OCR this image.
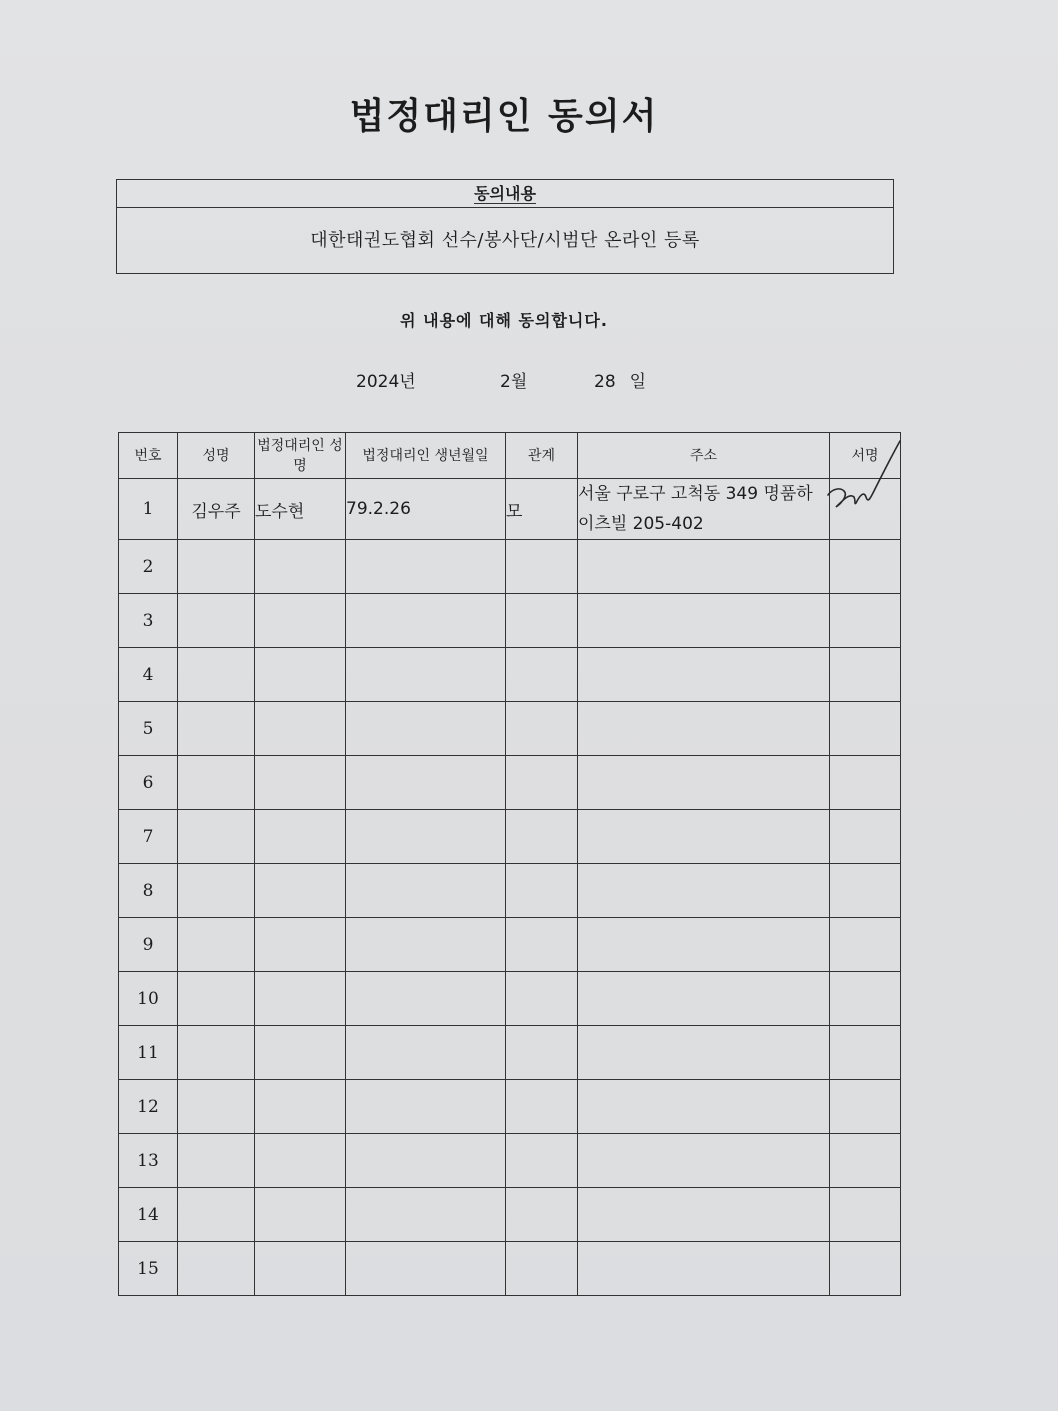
법정대리인 동의서
동의내용
대한태권도협회 선수/봉사단/시범단 온라인 등록
위 내용에 대해 동의합니다.
2024년	2월	28 일
번호	성명	법정대리인 성명	법정대리인 생년월일	관계	주소	서명
1	김우주	도수현	79.2.26	모	서울 구로구 고척동 349 명품하이츠빌 205-402	

2						
3						
4						
5						
6						
7						
8						
9						
10						
11						
12						
13						
14						
15						
